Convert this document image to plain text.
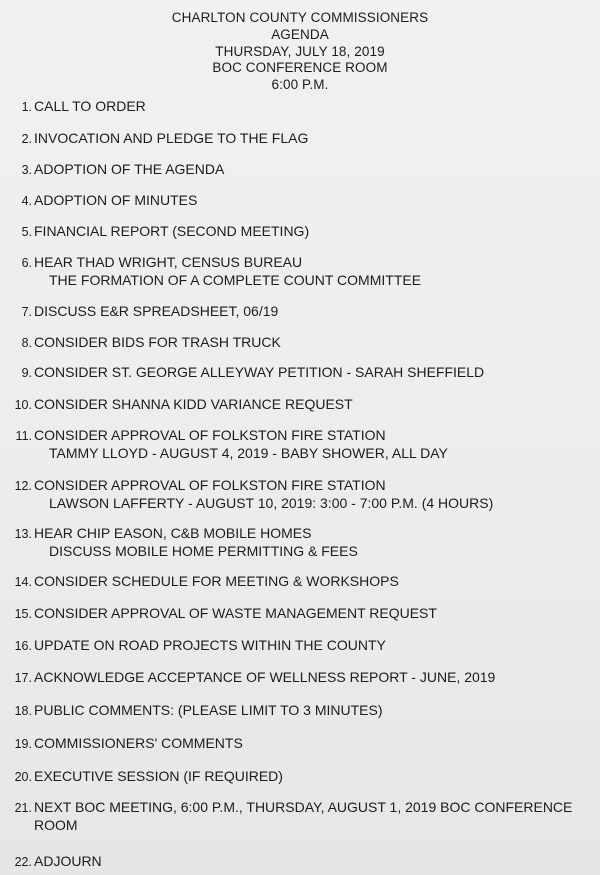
CHARLTON COUNTY COMMISSIONERS
AGENDA
THURSDAY, JULY 18, 2019
BOC CONFERENCE ROOM
6:00 P.M.
1. CALL TO ORDER
2. INVOCATION AND PLEDGE TO THE FLAG
3. ADOPTION OF THE AGENDA
4. ADOPTION OF MINUTES
5. FINANCIAL REPORT (SECOND MEETING)
6. HEAR THAD WRIGHT, CENSUS BUREAU
THE FORMATION OF A COMPLETE COUNT COMMITTEE
7. DISCUSS E&R SPREADSHEET, 06/19
8. CONSIDER BIDS FOR TRASH TRUCK
9. CONSIDER ST. GEORGE ALLEYWAY PETITION - SARAH SHEFFIELD
10. CONSIDER SHANNA KIDD VARIANCE REQUEST
11. CONSIDER APPROVAL OF FOLKSTON FIRE STATION
TAMMY LLOYD - AUGUST 4, 2019 - BABY SHOWER, ALL DAY
12. CONSIDER APPROVAL OF FOLKSTON FIRE STATION
LAWSON LAFFERTY - AUGUST 10, 2019: 3:00 - 7:00 P.M. (4 HOURS)
13. HEAR CHIP EASON, C&B MOBILE HOMES
DISCUSS MOBILE HOME PERMITTING & FEES
14. CONSIDER SCHEDULE FOR MEETING & WORKSHOPS
15. CONSIDER APPROVAL OF WASTE MANAGEMENT REQUEST
16. UPDATE ON ROAD PROJECTS WITHIN THE COUNTY
17. ACKNOWLEDGE ACCEPTANCE OF WELLNESS REPORT - JUNE, 2019
18. PUBLIC COMMENTS: (PLEASE LIMIT TO 3 MINUTES)
19. COMMISSIONERS' COMMENTS
20. EXECUTIVE SESSION (IF REQUIRED)
21. NEXT BOC MEETING, 6:00 P.M., THURSDAY, AUGUST 1, 2019 BOC CONFERENCE
ROOM
22. ADJOURN
